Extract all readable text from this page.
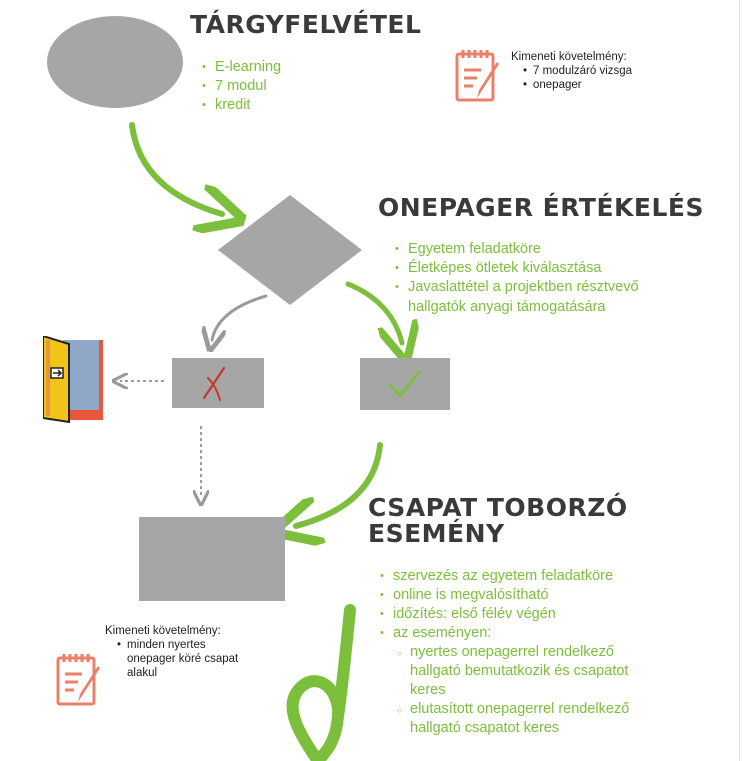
TÁRGYFELVÉTEL
• E-learning
• 7 modul
• kredit
Kimeneti követelmény:
• 7 modulzáró vizsga
• onepager
ONEPAGER ÉRTÉKELÉS
• Egyetem feladatköre
• Életképes ötletek kiválasztása
• Javaslattétel a projektben résztvevő
hallgatók anyagi támogatására
CSAPAT TOBORZÓ
ESEMÉNY
• szervezés az egyetem feladatköre
• online is megvalósítható
• időzítés: első félév végén
• az eseményen:
○ nyertes onepagerrel rendelkező
hallgató bemutatkozik és csapatot
keres
○ elutasított onepagerrel rendelkező
hallgató csapatot keres
Kimeneti követelmény:
• minden nyertes
onepager köré csapat
alakul
